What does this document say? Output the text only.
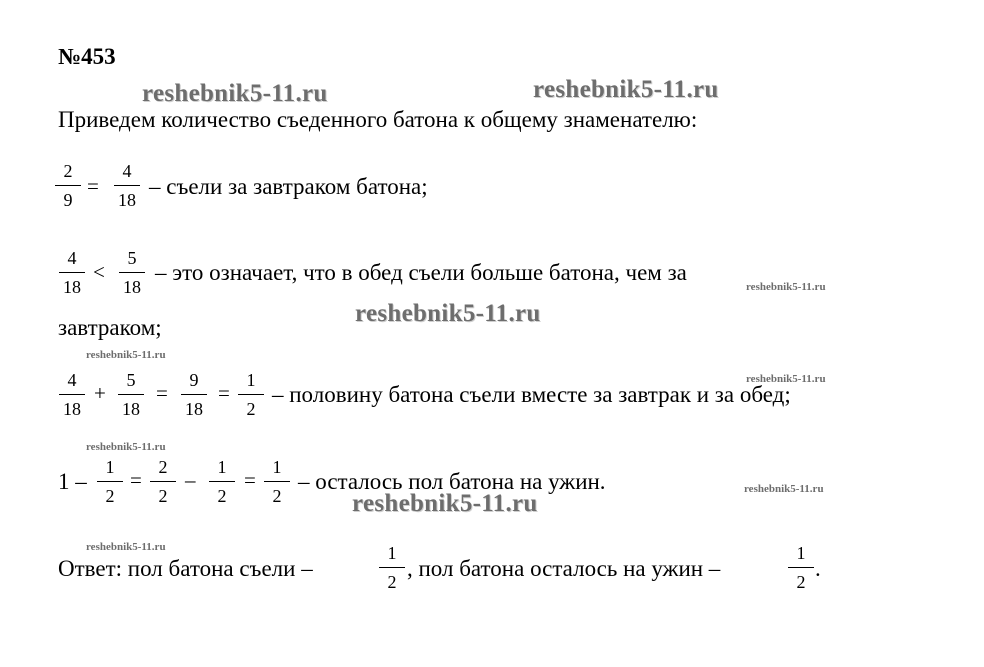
№453
reshebnik5-11.ru	reshebnik5-11.ru
reshebnik5-11.ru
reshebnik5-11.ru
reshebnik5-11.ru
reshebnik5-11.ru
reshebnik5-11.ru
reshebnik5-11.ru
reshebnik5-11.ru
reshebnik5-11.ru
Приведем количество съеденного батона к общему знаменателю:
2
9
=
4
18
– съели за завтраком батона;
4
18
<
5
18
– это означает, что в обед съели больше батона, чем за
завтраком;
4
18
+
5
18
=
9
18
=
1
2
– половину батона съели вместе за завтрак и за обед;
1 –
1
2
=
2
2
–
1
2
=
1
2
– осталось пол батона на ужин.
Ответ: пол батона съели –
1
2
, пол батона осталось на ужин –
1
2
.
